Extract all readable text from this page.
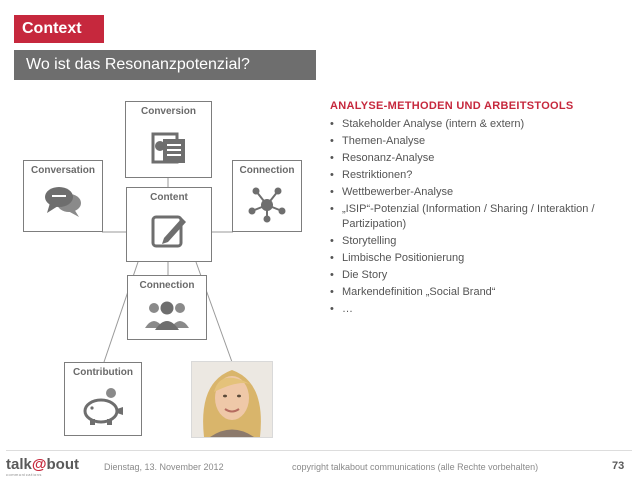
Context
Wo ist das Resonanzpotenzial?
Conversion
Conversation	Connection
Content
Connection
Contribution
ANALYSE-METHODEN UND ARBEITSTOOLS
• Stakeholder Analyse (intern & extern)
• Themen-Analyse
• Resonanz-Analyse
• Restriktionen?
• Wettbewerber-Analyse
• „ISIP“-Potenzial (Information / Sharing / Interaktion / Partizipation)
• Storytelling
• Limbische Positionierung
• Die Story
• Markendefinition „Social Brand“
• …
talk@bout
communications
Dienstag, 13. November 2012	copyright talkabout communications (alle Rechte vorbehalten)	73
